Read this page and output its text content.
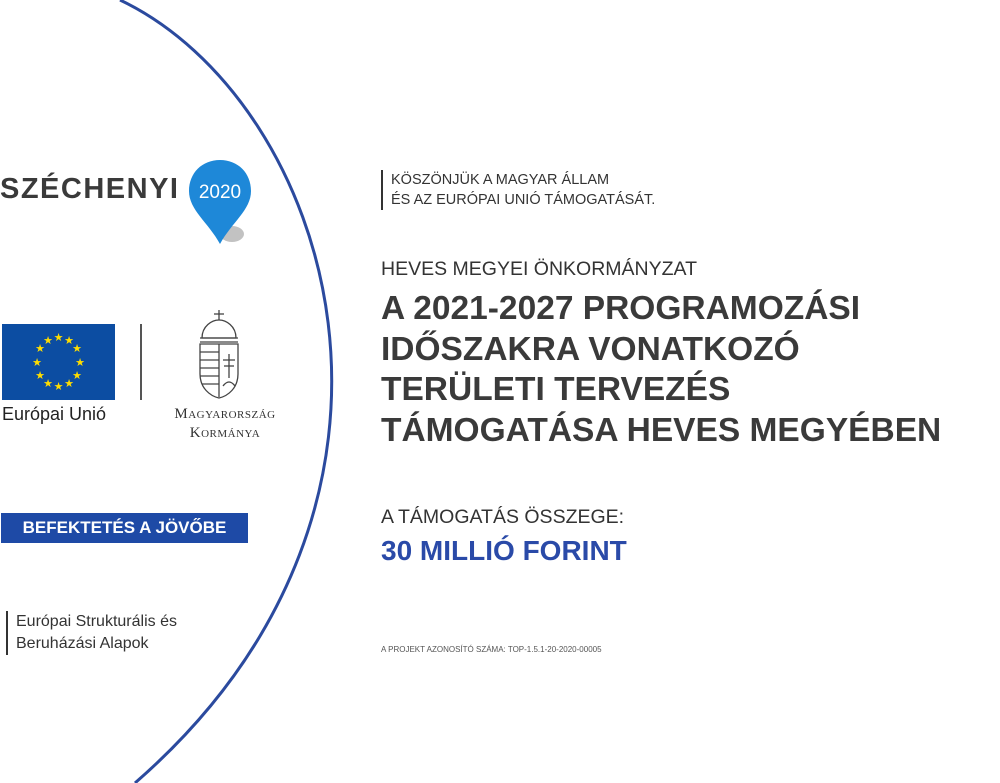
SZÉCHENYI 2020
★ ★
★
★
★
★
★
★
★
★
★
★
Európai Unió	Magyarország
Kormánya
BEFEKTETÉS A JÖVŐBE
Európai Strukturális és
Beruházási Alapok
KÖSZÖNJÜK A MAGYAR ÁLLAM
ÉS AZ EURÓPAI UNIÓ TÁMOGATÁSÁT.
HEVES MEGYEI ÖNKORMÁNYZAT
A 2021-2027 PROGRAMOZÁSI
IDŐSZAKRA VONATKOZÓ
TERÜLETI TERVEZÉS
TÁMOGATÁSA HEVES MEGYÉBEN
A TÁMOGATÁS ÖSSZEGE:
30 MILLIÓ FORINT
A PROJEKT AZONOSÍTÓ SZÁMA: TOP-1.5.1-20-2020-00005
